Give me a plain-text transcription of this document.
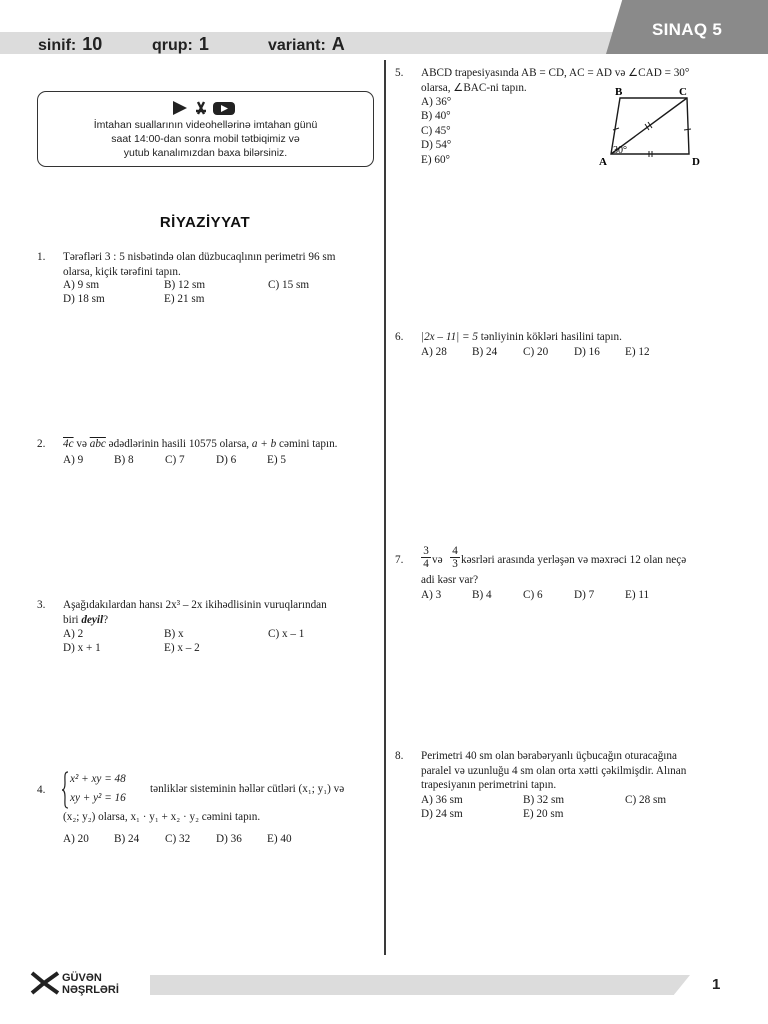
SINAQ 5
sinif: 10	qrup: 1	variant: A
İmtahan suallarının videohellərinə imtahan günü
saat 14:00-dan sonra mobil tətbiqimiz və
yutub kanalımızdan baxa bilərsiniz.
RİYAZİYYAT
1. Tərəfləri 3 : 5 nisbətində olan düzbucaqlının perimetri 96 sm
olarsa, kiçik tərəfini tapın.
A) 9 sm	B) 12 sm	C) 15 sm
D) 18 sm	E) 21 sm
2. 4c və $\overline{abc}$ ədədlərinin hasili 10575 olarsa, a + b cəmini tapın.
A) 9	B) 8	C) 7	D) 6	E) 5
3. Aşağıdakılardan hansı 2x³ – 2x ikihədlisinin vuruqlarından
biri deyil?
A) 2	B) x	C) x – 1
D) x + 1	E) x – 2
4.
x² + xy = 48
xy + y² = 16
tənliklər sisteminin həllər cütləri (x₁; y₁) və
(x₂; y₂) olarsa, x₁ · y₁ + x₂ · y₂ cəmini tapın.
A) 20 B) 24 C) 32 D) 36 E) 40
5. ABCD trapesiyasında AB = CD, AC = AD və ∠CAD = 30°
olarsa, ∠BAC-ni tapın.
A) 36°
B) 40°
C) 45°
D) 54°
E) 60°
B	C
A	D
30°
6. |2x – 11| = 5 tənliyinin kökləri hasilini tapın.
A) 28 B) 24 C) 20 D) 16 E) 12
7.
3
4 və
4
3 kəsrləri arasında yerləşən və məxrəci 12 olan neçə
adi kəsr var?
A) 3	B) 4	C) 6	D) 7	E) 11
8. Perimetri 40 sm olan bərabəryanlı üçbucağın oturacağına
paralel və uzunluğu 4 sm olan orta xətti çəkilmişdir. Alınan
trapesiyanın perimetrini tapın.
A) 36 sm	B) 32 sm	C) 28 sm
D) 24 sm	E) 20 sm
GÜVƏN
NƏŞRLƏRİ	1
